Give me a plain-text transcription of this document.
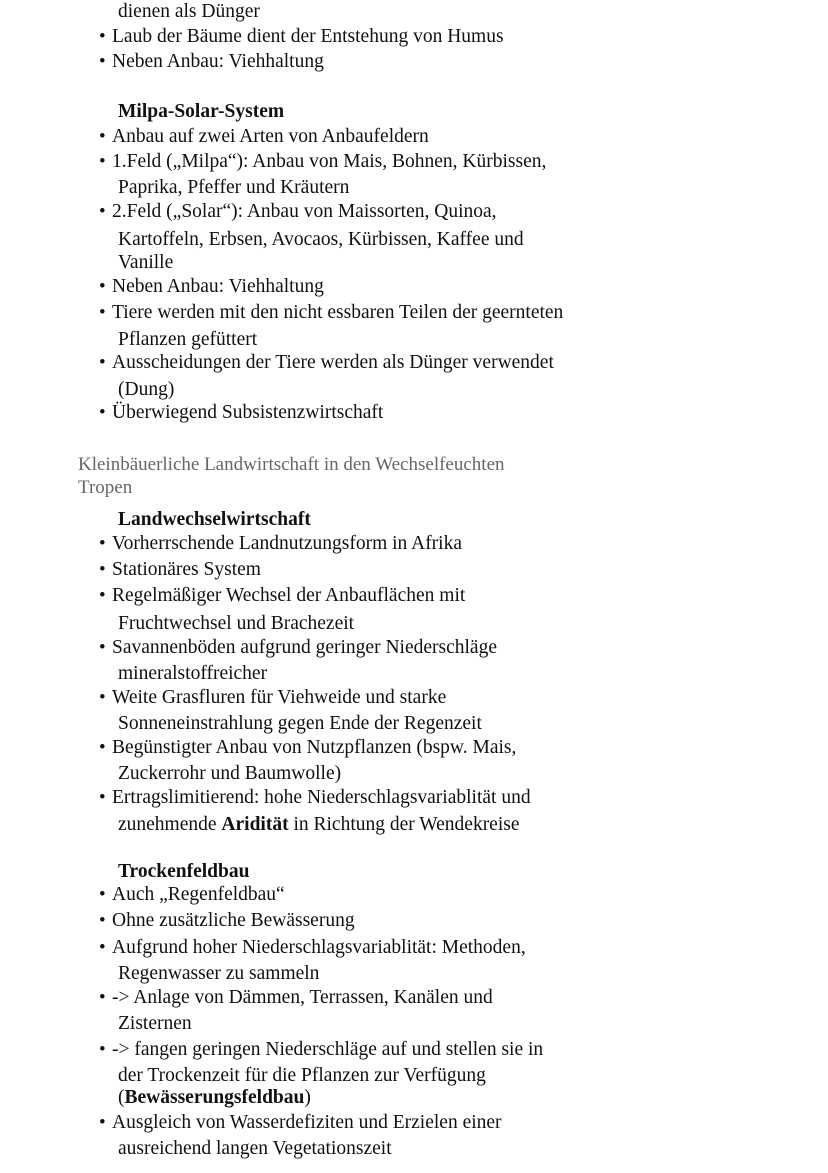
dienen als Dünger
Laub der Bäume dient der Entstehung von Humus
•
Neben Anbau: Viehhaltung
•
Milpa-Solar-System
Anbau auf zwei Arten von Anbaufeldern
•
1.Feld („Milpa“): Anbau von Mais, Bohnen, Kürbissen,
•
Paprika, Pfeffer und Kräutern
2.Feld („Solar“): Anbau von Maissorten, Quinoa,
•
Kartoffeln, Erbsen, Avocaos, Kürbissen, Kaffee und
Vanille
Neben Anbau: Viehhaltung
•
Tiere werden mit den nicht essbaren Teilen der geernteten
•
Pflanzen gefüttert
Ausscheidungen der Tiere werden als Dünger verwendet
•
(Dung)
Überwiegend Subsistenzwirtschaft
•
Kleinbäuerliche Landwirtschaft in den Wechselfeuchten
Tropen
Landwechselwirtschaft
Vorherrschende Landnutzungsform in Afrika
•
Stationäres System
•
Regelmäßiger Wechsel der Anbauflächen mit
•
Fruchtwechsel und Brachezeit
Savannenböden aufgrund geringer Niederschläge
•
mineralstoffreicher
Weite Grasfluren für Viehweide und starke
•
Sonneneinstrahlung gegen Ende der Regenzeit
Begünstigter Anbau von Nutzpflanzen (bspw. Mais,
•
Zuckerrohr und Baumwolle)
Ertragslimitierend: hohe Niederschlagsvariablität und
•
zunehmende Aridität in Richtung der Wendekreise
Trockenfeldbau
Auch „Regenfeldbau“
•
Ohne zusätzliche Bewässerung
•
Aufgrund hoher Niederschlagsvariablität: Methoden,
•
Regenwasser zu sammeln
-> Anlage von Dämmen, Terrassen, Kanälen und
•
Zisternen
-> fangen geringen Niederschläge auf und stellen sie in
•
der Trockenzeit für die Pflanzen zur Verfügung
(Bewässerungsfeldbau)
Ausgleich von Wasserdefiziten und Erzielen einer
•
ausreichend langen Vegetationszeit
